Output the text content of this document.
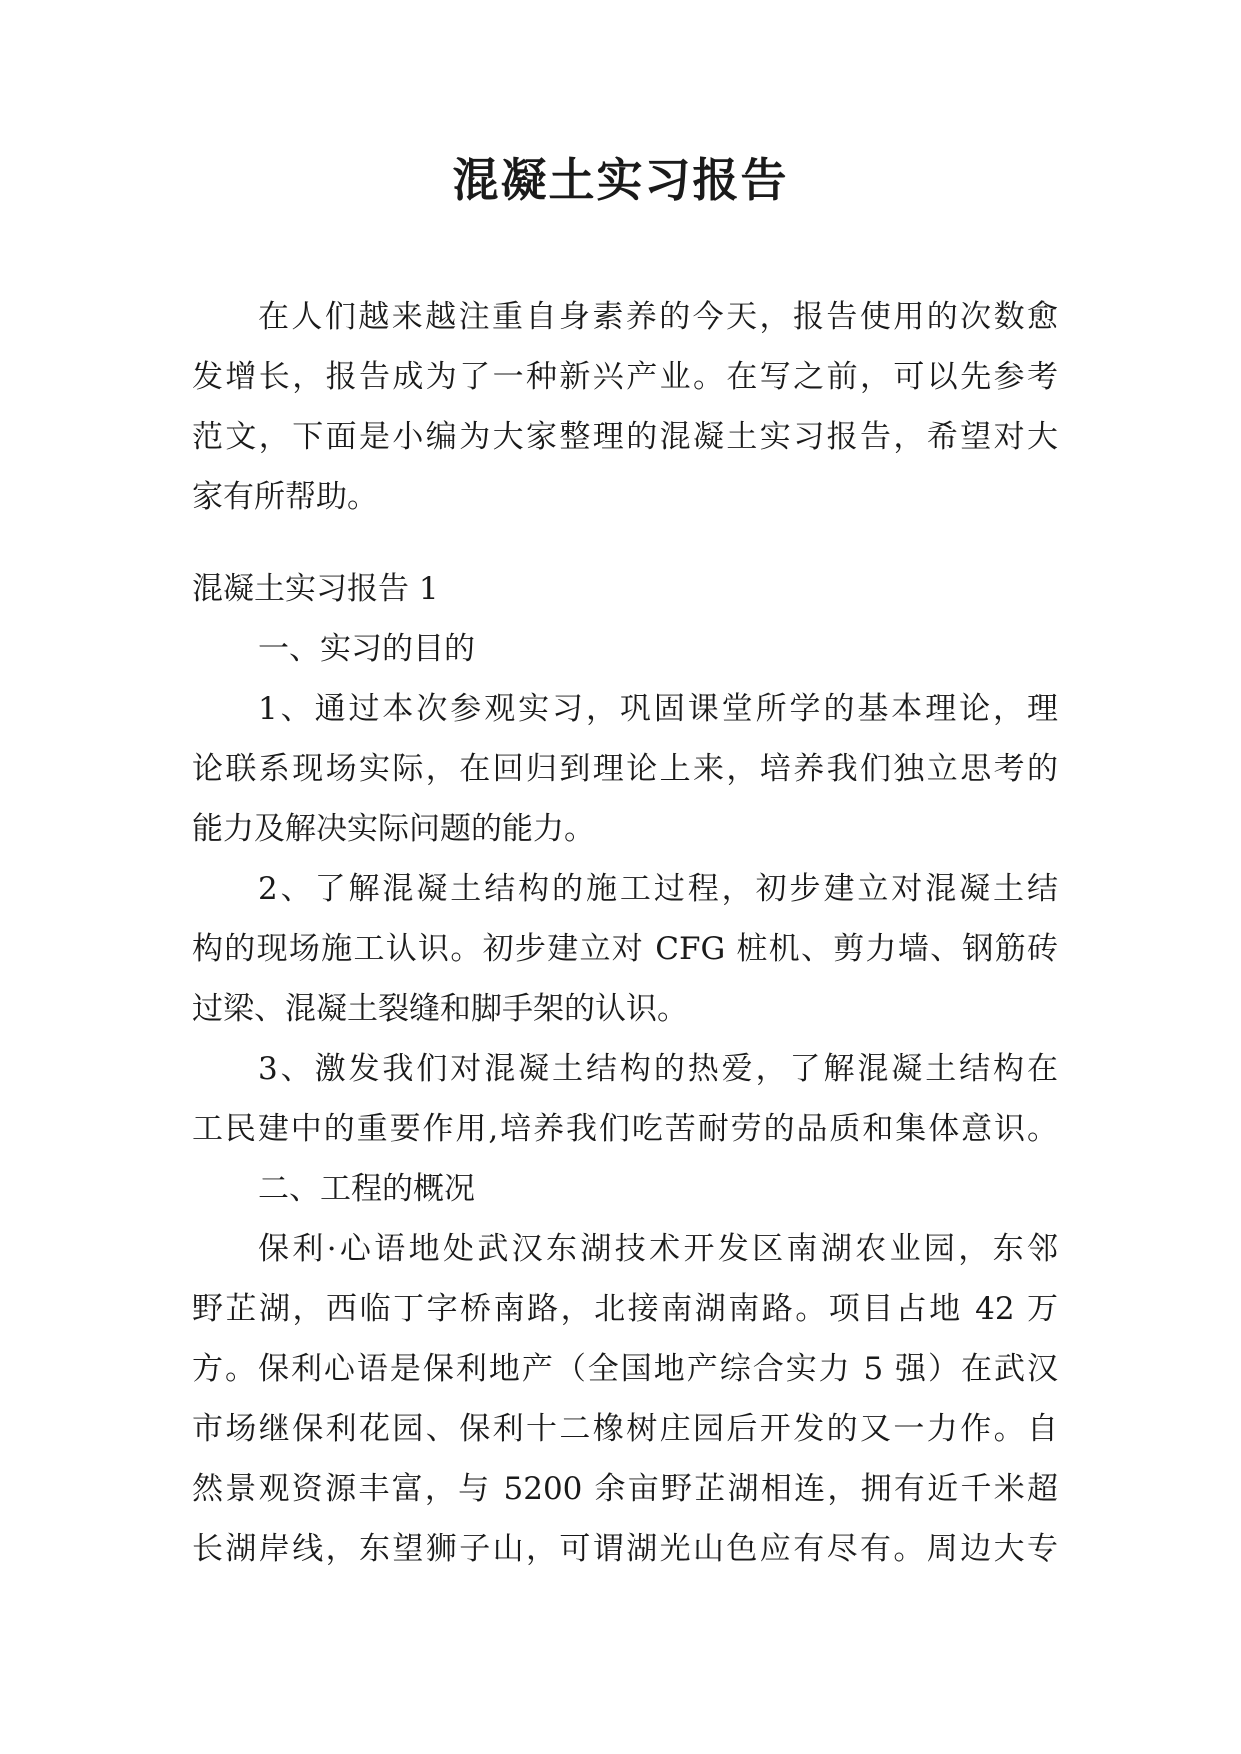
混凝土实习报告
在人们越来越注重自身素养的今天，报告使用的次数愈
发增长，报告成为了一种新兴产业。在写之前，可以先参考
范文，下面是小编为大家整理的混凝土实习报告，希望对大
家有所帮助。
混凝土实习报告 1
一、实习的目的
1、通过本次参观实习，巩固课堂所学的基本理论，理
论联系现场实际，在回归到理论上来，培养我们独立思考的
能力及解决实际问题的能力。
2、了解混凝土结构的施工过程，初步建立对混凝土结
构的现场施工认识。初步建立对 CFG 桩机、剪力墙、钢筋砖
过梁、混凝土裂缝和脚手架的认识。
3、激发我们对混凝土结构的热爱，了解混凝土结构在
工民建中的重要作用,培养我们吃苦耐劳的品质和集体意识。
二、工程的概况
保利·心语地处武汉东湖技术开发区南湖农业园，东邻
野芷湖，西临丁字桥南路，北接南湖南路。项目占地 42 万
方。保利心语是保利地产（全国地产综合实力 5 强）在武汉
市场继保利花园、保利十二橡树庄园后开发的又一力作。自
然景观资源丰富，与 5200 余亩野芷湖相连，拥有近千米超
长湖岸线，东望狮子山，可谓湖光山色应有尽有。周边大专
